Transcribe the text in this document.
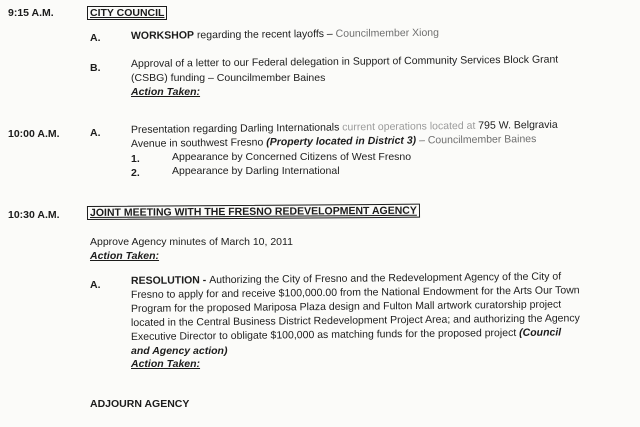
9:15 A.M.	CITY COUNCIL
A.	WORKSHOP regarding the recent layoffs – Councilmember Xiong
B.	Approval of a letter to our Federal delegation in Support of Community Services Block Grant
(CSBG) funding – Councilmember Baines
Action Taken:
10:00 A.M.	A.	Presentation regarding Darling Internationals current operations located at 795 W. Belgravia
Avenue in southwest Fresno (Property located in District 3) – Councilmember Baines
1.	Appearance by Concerned Citizens of West Fresno
2.	Appearance by Darling International
10:30 A.M.	JOINT MEETING WITH THE FRESNO REDEVELOPMENT AGENCY
Approve Agency minutes of March 10, 2011
Action Taken:
A.	RESOLUTION - Authorizing the City of Fresno and the Redevelopment Agency of the City of
Fresno to apply for and receive $100,000.00 from the National Endowment for the Arts Our Town
Program for the proposed Mariposa Plaza design and Fulton Mall artwork curatorship project
located in the Central Business District Redevelopment Project Area; and authorizing the Agency
Executive Director to obligate $100,000 as matching funds for the proposed project (Council
and Agency action)
Action Taken:
ADJOURN AGENCY
